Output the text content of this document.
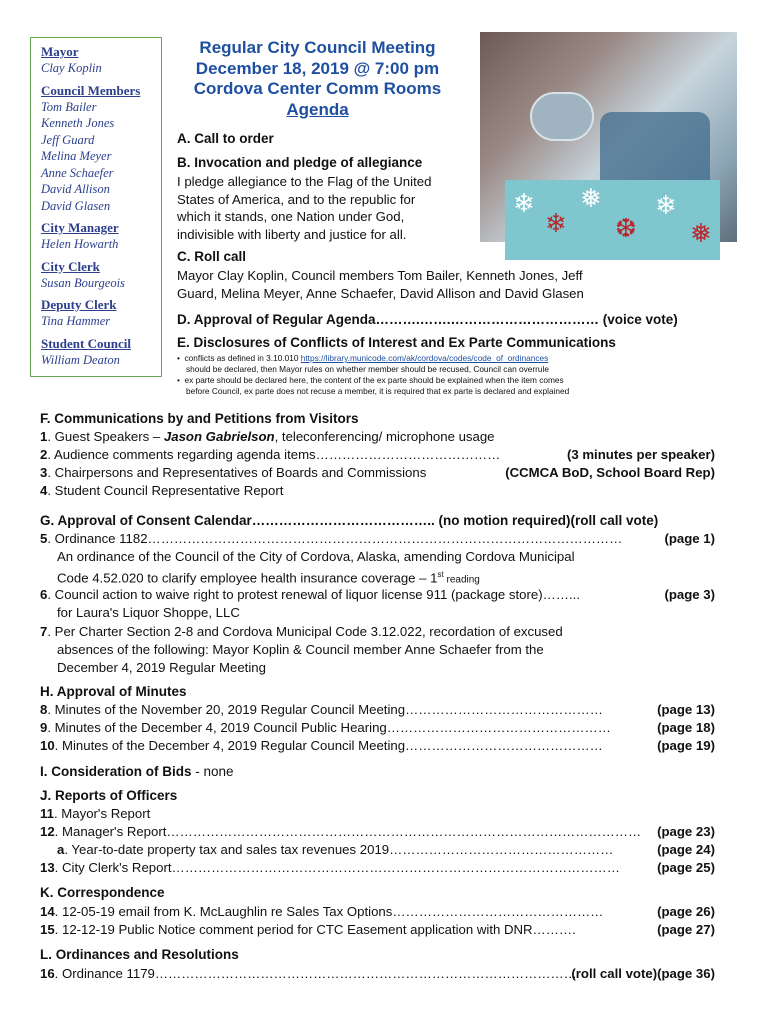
Mayor
Clay Koplin
Council Members
Tom Bailer
Kenneth Jones
Jeff Guard
Melina Meyer
Anne Schaefer
David Allison
David Glasen
City Manager
Helen Howarth
City Clerk
Susan Bourgeois
Deputy Clerk
Tina Hammer
Student Council
William Deaton
Regular City Council Meeting
December 18, 2019 @ 7:00 pm
Cordova Center Comm Rooms
Agenda
❄
❄
❅
❆
❄
❅
A. Call to order
B. Invocation and pledge of allegiance
I pledge allegiance to the Flag of the United
States of America, and to the republic for
which it stands, one Nation under God,
indivisible with liberty and justice for all.
C. Roll call
Mayor Clay Koplin, Council members Tom Bailer, Kenneth Jones, Jeff
Guard, Melina Meyer, Anne Schaefer, David Allison and David Glasen
D. Approval of Regular Agenda……….…….…………………………… (voice vote)
E. Disclosures of Conflicts of Interest and Ex Parte Communications
•  conflicts as defined in 3.10.010 https://library.municode.com/ak/cordova/codes/code_of_ordinances
should be declared, then Mayor rules on whether member should be recused, Council can overrule
•  ex parte should be declared here, the content of the ex parte should be explained when the item comes
before Council, ex parte does not recuse a member, it is required that ex parte is declared and explained
F. Communications by and Petitions from Visitors
1. Guest Speakers – Jason Gabrielson, teleconferencing/ microphone usage
(3 minutes per speaker)
2. Audience comments regarding agenda items……………………………………
(CCMCA BoD, School Board Rep)
3. Chairpersons and Representatives of Boards and Commissions
4. Student Council Representative Report
G. Approval of Consent Calendar………………………………….. (no motion required)(roll call vote)
(page 1)
5. Ordinance 1182………………………………………………………………………………………………
An ordinance of the Council of the City of Cordova, Alaska, amending Cordova Municipal
Code 4.52.020 to clarify employee health insurance coverage – 1st reading
(page 3)
6. Council action to waive right to protest renewal of liquor license 911 (package store)……...
for Laura's Liquor Shoppe, LLC
7. Per Charter Section 2-8 and Cordova Municipal Code 3.12.022, recordation of excused
absences of the following: Mayor Koplin & Council member Anne Schaefer from the
December 4, 2019 Regular Meeting
H. Approval of Minutes
(page 13)
8. Minutes of the November 20, 2019 Regular Council Meeting………………………………………
(page 18)
9. Minutes of the December 4, 2019 Council Public Hearing……………………………………………
(page 19)
10. Minutes of the December 4, 2019 Regular Council Meeting………………………………………
I. Consideration of Bids - none
J. Reports of Officers
11. Mayor's Report
(page 23)
12. Manager's Report………………………………………………………………………………………………
(page 24)
a. Year-to-date property tax and sales tax revenues 2019……………………………………………
(page 25)
13. City Clerk's Report…………………………………………………………………………………………
K. Correspondence
(page 26)
14. 12-05-19 email from K. McLaughlin re Sales Tax Options…………………………………………
(page 27)
15. 12-12-19 Public Notice comment period for CTC Easement application with DNR……….
L. Ordinances and Resolutions
(roll call vote)(page 36)
16. Ordinance 1179……………………………………………………………………………………
